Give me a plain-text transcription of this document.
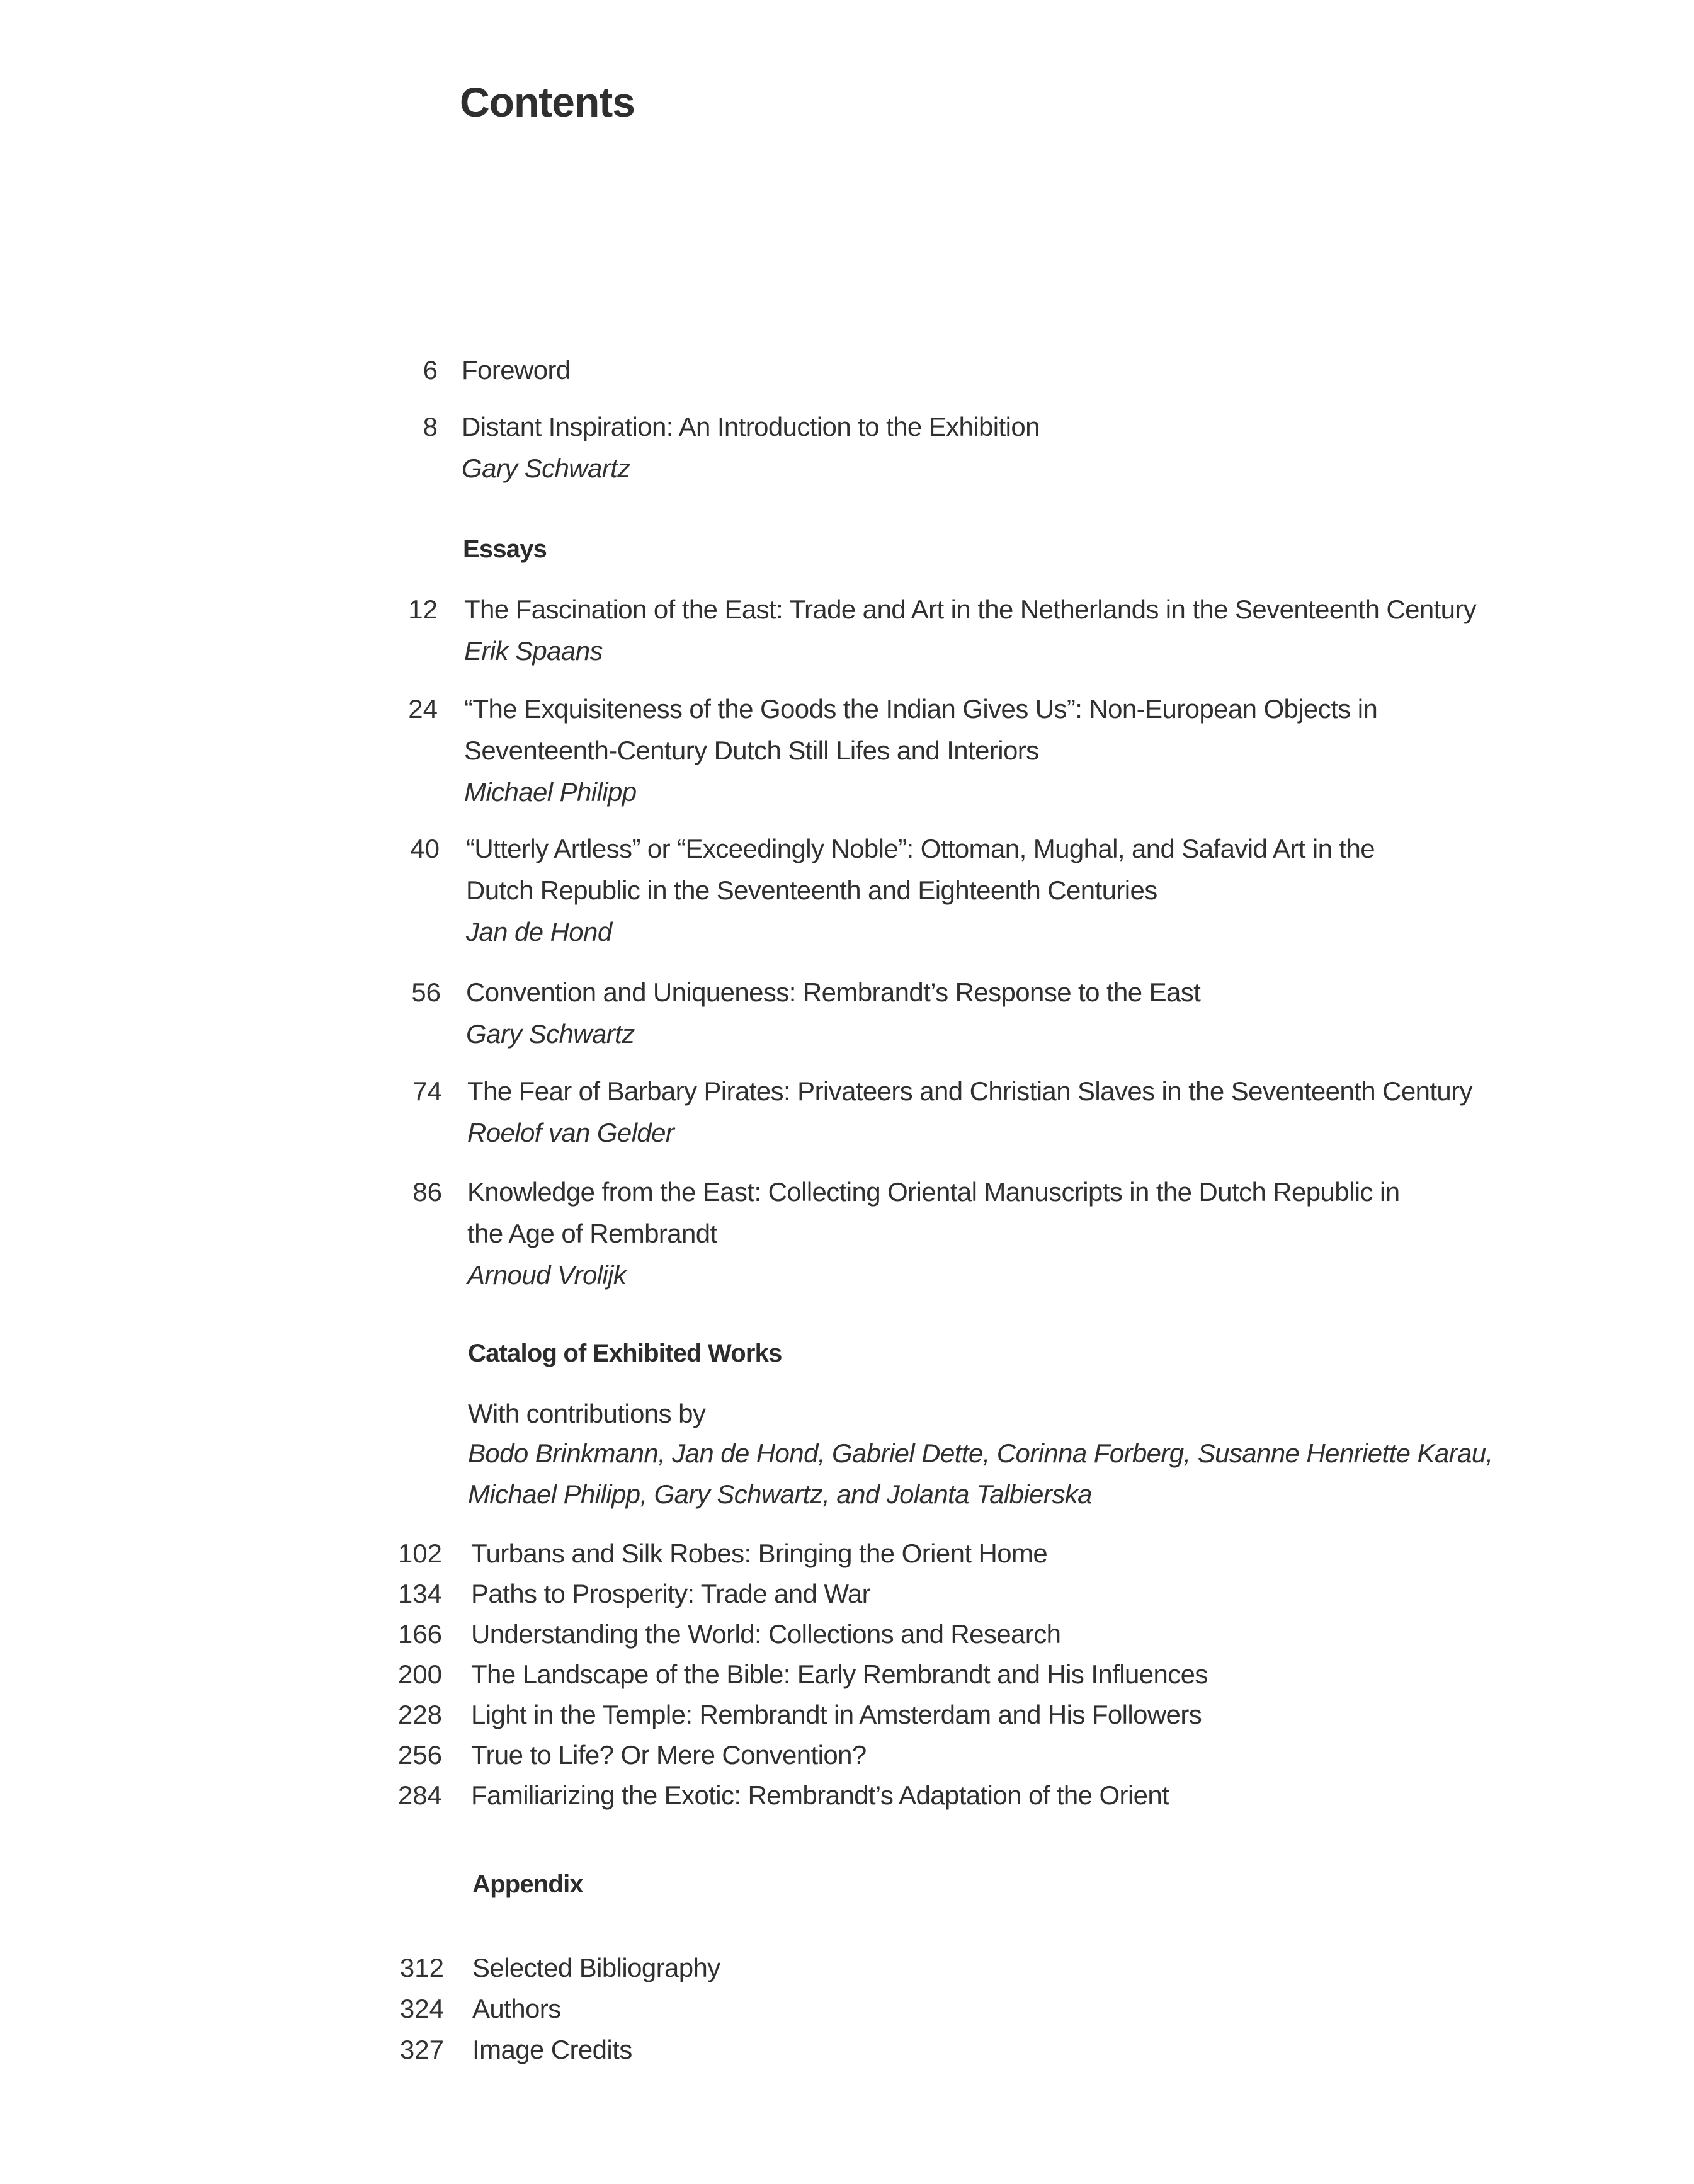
Contents
6 Foreword
8 Distant Inspiration: An Introduction to the Exhibition
Gary Schwartz
Essays
12 The Fascination of the East: Trade and Art in the Netherlands in the Seventeenth Century
Erik Spaans
24 “The Exquisiteness of the Goods the Indian Gives Us”: Non-European Objects in
Seventeenth-Century Dutch Still Lifes and Interiors
Michael Philipp
40 “Utterly Artless” or “Exceedingly Noble”: Ottoman, Mughal, and Safavid Art in the
Dutch Republic in the Seventeenth and Eighteenth Centuries
Jan de Hond
56 Convention and Uniqueness: Rembrandt’s Response to the East
Gary Schwartz
74 The Fear of Barbary Pirates: Privateers and Christian Slaves in the Seventeenth Century
Roelof van Gelder
86 Knowledge from the East: Collecting Oriental Manuscripts in the Dutch Republic in
the Age of Rembrandt
Arnoud Vrolijk
Catalog of Exhibited Works
With contributions by
Bodo Brinkmann, Jan de Hond, Gabriel Dette, Corinna Forberg, Susanne Henriette Karau,
Michael Philipp, Gary Schwartz, and Jolanta Talbierska
102 Turbans and Silk Robes: Bringing the Orient Home
134 Paths to Prosperity: Trade and War
166 Understanding the World: Collections and Research
200 The Landscape of the Bible: Early Rembrandt and His Influences
228 Light in the Temple: Rembrandt in Amsterdam and His Followers
256 True to Life? Or Mere Convention?
284 Familiarizing the Exotic: Rembrandt’s Adaptation of the Orient
Appendix
312 Selected Bibliography
324 Authors
327 Image Credits
